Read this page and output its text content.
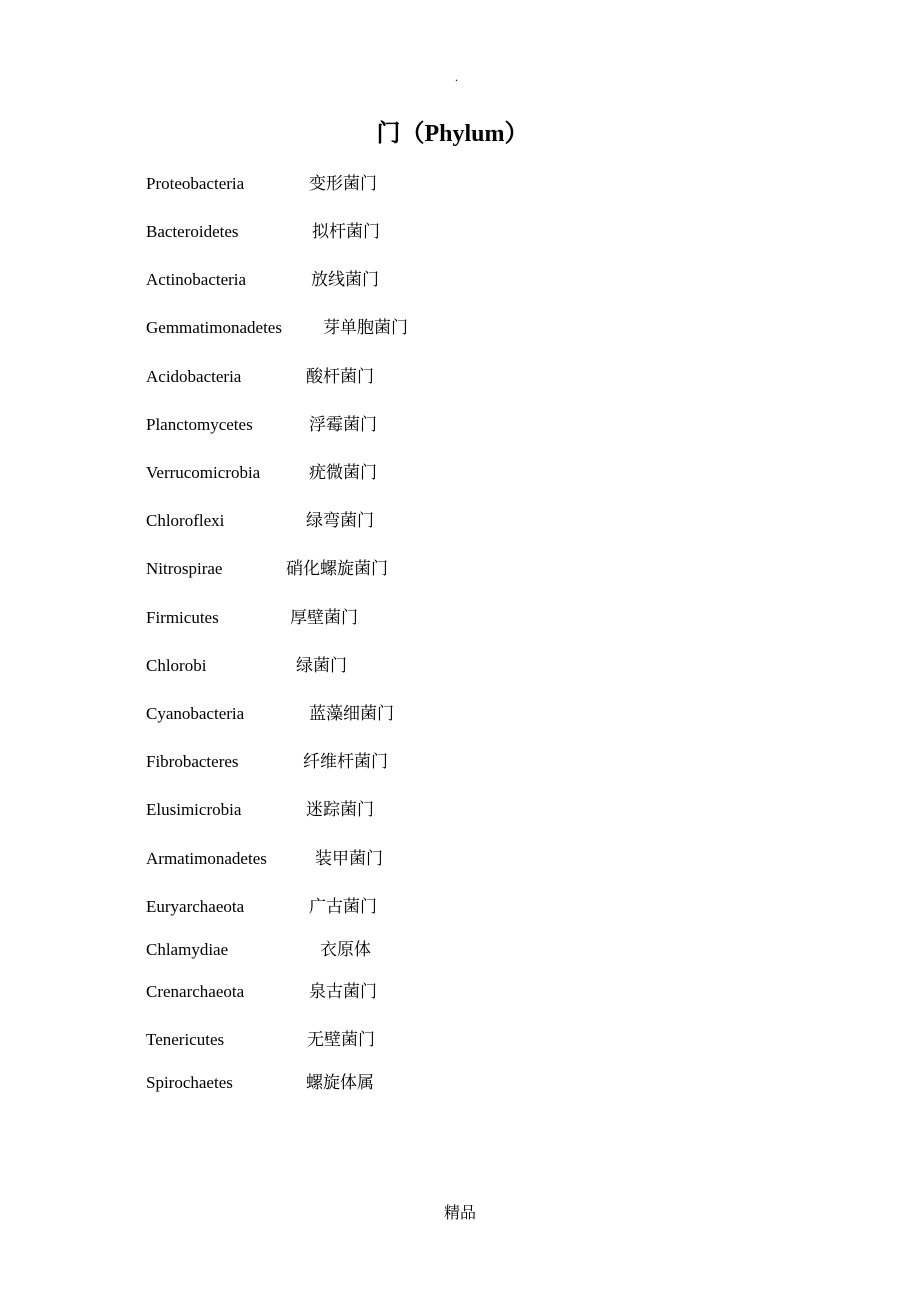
.
门（Phylum）
Proteobacteria	变形菌门
Bacteroidetes	拟杆菌门
Actinobacteria	放线菌门
Gemmatimonadetes 芽单胞菌门
Acidobacteria	酸杆菌门
Planctomycetes	浮霉菌门
Verrucomicrobia	疣微菌门
Chloroflexi	绿弯菌门
Nitrospirae	硝化螺旋菌门
Firmicutes	厚壁菌门
Chlorobi	绿菌门
Cyanobacteria	蓝藻细菌门
Fibrobacteres	纤维杆菌门
Elusimicrobia	迷踪菌门
Armatimonadetes	装甲菌门
Euryarchaeota	广古菌门
Chlamydiae	衣原体
Crenarchaeota	泉古菌门
Tenericutes	无壁菌门
Spirochaetes	螺旋体属
精品
